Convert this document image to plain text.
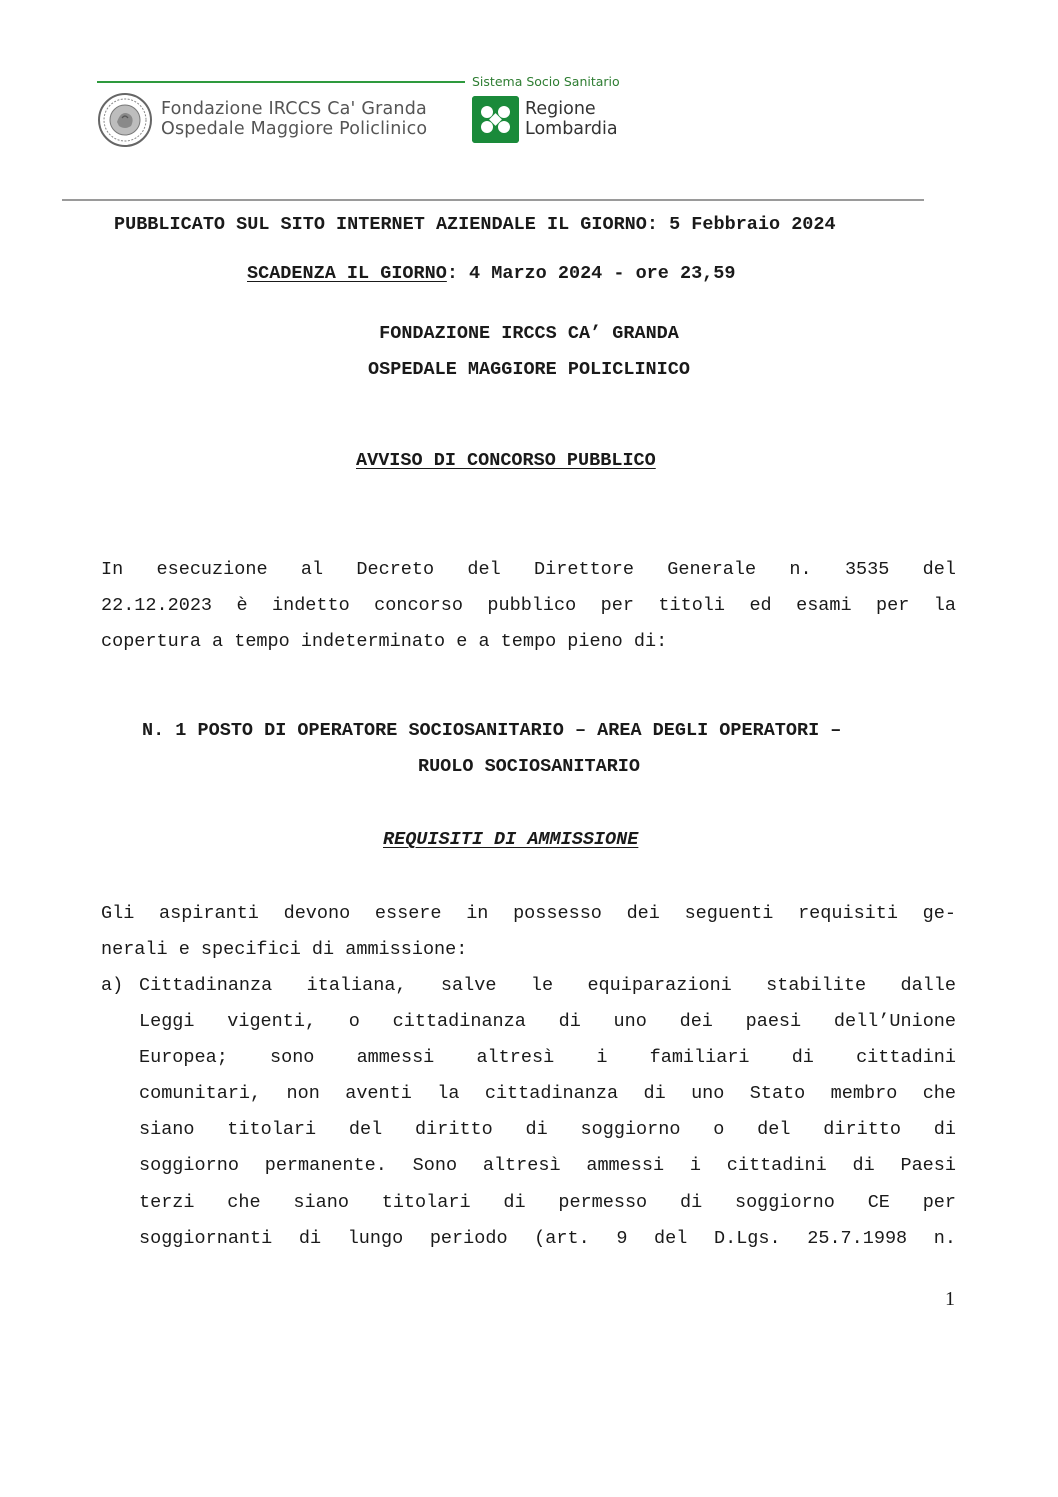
Fondazione IRCCS Ca' Granda
Ospedale Maggiore Policlinico
Sistema Socio Sanitario
Regione
Lombardia
PUBBLICATO SUL SITO INTERNET AZIENDALE IL GIORNO: 5 Febbraio 2024
SCADENZA IL GIORNO: 4 Marzo 2024 - ore 23,59
FONDAZIONE IRCCS CA’ GRANDA
OSPEDALE MAGGIORE POLICLINICO
AVVISO DI CONCORSO PUBBLICO
In esecuzione al Decreto del Direttore Generale n. 3535 del
22.12.2023 è indetto concorso pubblico per titoli ed esami per la
copertura a tempo indeterminato e a tempo pieno di:
N. 1 POSTO DI OPERATORE SOCIOSANITARIO – AREA DEGLI OPERATORI –
RUOLO SOCIOSANITARIO
REQUISITI DI AMMISSIONE
Gli aspiranti devono essere in possesso dei seguenti requisiti ge-
nerali e specifici di ammissione:
a) Cittadinanza italiana, salve le equiparazioni stabilite dalle
Leggi vigenti, o cittadinanza di uno dei paesi dell’Unione
Europea; sono ammessi altresì i familiari di cittadini
comunitari, non aventi la cittadinanza di uno Stato membro che
siano titolari del diritto di soggiorno o del diritto di
soggiorno permanente. Sono altresì ammessi i cittadini di Paesi
terzi che siano titolari di permesso di soggiorno CE per
soggiornanti di lungo periodo (art. 9 del D.Lgs. 25.7.1998 n.
1
